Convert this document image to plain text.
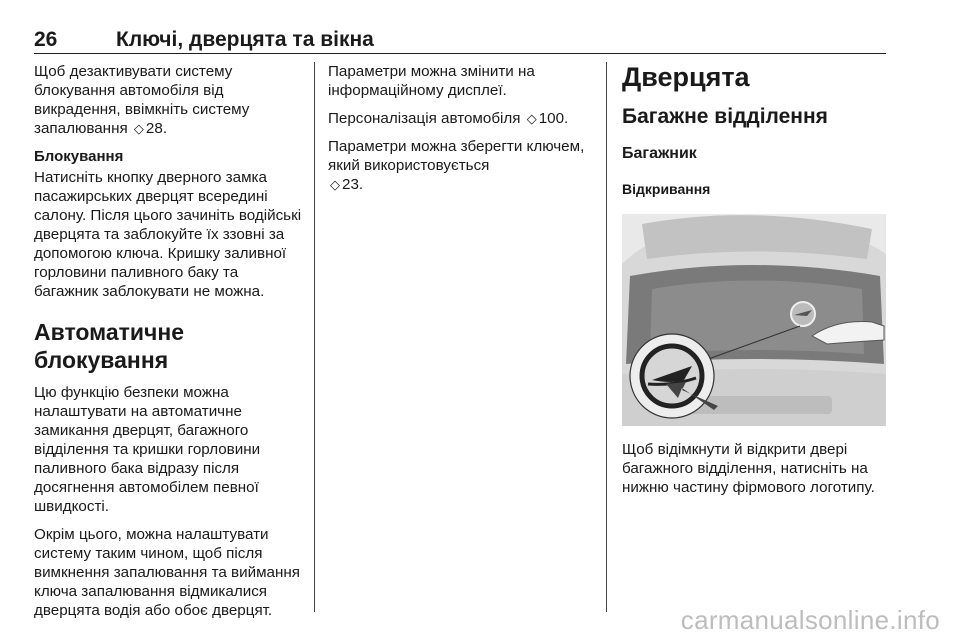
26	Ключі, дверцята та вікна

Щоб дезактивувати систему блокування автомобіля від викрадення, ввімкніть систему запалювання ◇ 28.

Блокування

Натисніть кнопку дверного замка пасажирських дверцят всередині салону. Після цього зачиніть водійські дверцята та заблокуйте їх ззовні за допомогою ключа. Кришку заливної горловини паливного баку та багажник заблокувати не можна.

Автоматичне блокування

Цю функцію безпеки можна налаштувати на автоматичне замикання дверцят, багажного відділення та кришки горловини паливного бака відразу після досягнення автомобілем певної швидкості.

Окрім цього, можна налаштувати систему таким чином, щоб після вимкнення запалювання та виймання ключа запалювання відмикалися дверцята водія або обоє дверцят.

Параметри можна змінити на інформаційному дисплеї.

Персоналізація автомобіля ◇ 100.

Параметри можна зберегти ключем, який використовується
◇ 23.

Дверцята
Багажне відділення
Багажник
Відкривання

Щоб відімкнути й відкрити двері багажного відділення, натисніть на нижню частину фірмового логотипу.

carmanualsonline.info
